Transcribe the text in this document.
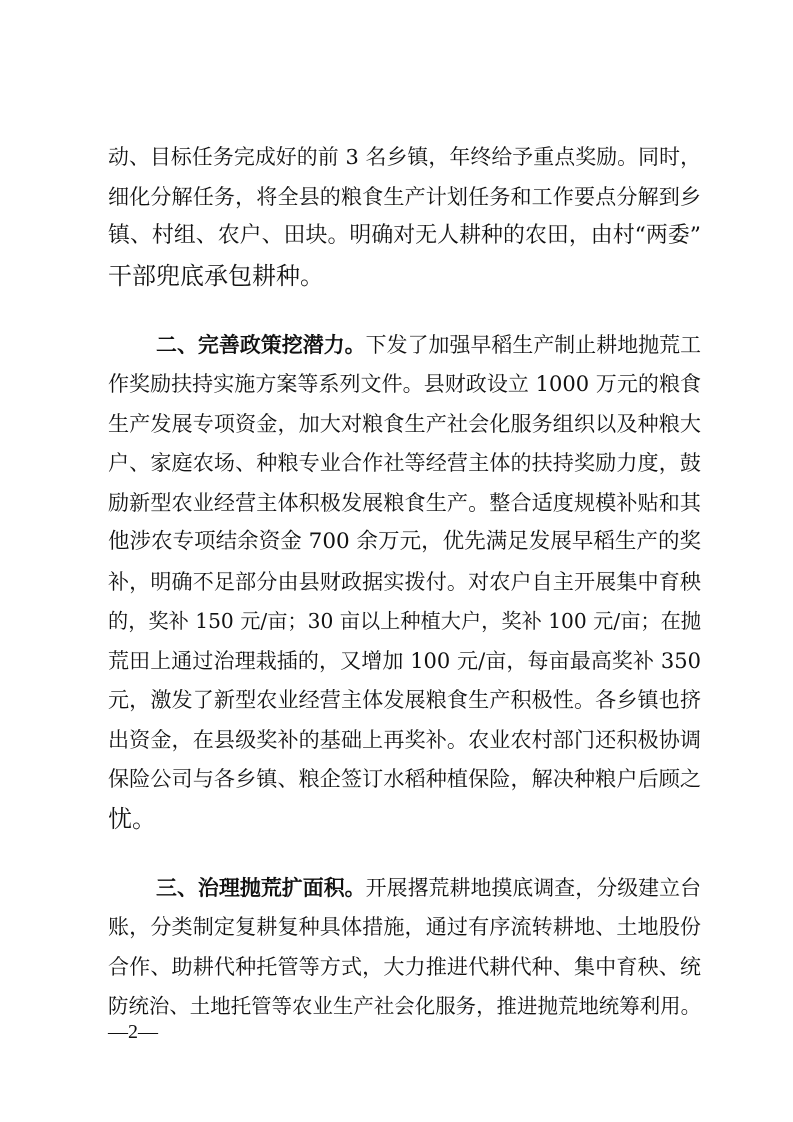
动、目标任务完成好的前 3 名乡镇，年终给予重点奖励。同时，
细化分解任务，将全县的粮食生产计划任务和工作要点分解到乡
镇、村组、农户、田块。明确对无人耕种的农田，由村“两委”
干部兜底承包耕种。
二、完善政策挖潜力。下发了加强早稻生产制止耕地抛荒工
作奖励扶持实施方案等系列文件。县财政设立 1000 万元的粮食
生产发展专项资金，加大对粮食生产社会化服务组织以及种粮大
户、家庭农场、种粮专业合作社等经营主体的扶持奖励力度，鼓
励新型农业经营主体积极发展粮食生产。整合适度规模补贴和其
他涉农专项结余资金 700 余万元，优先满足发展早稻生产的奖
补，明确不足部分由县财政据实拨付。对农户自主开展集中育秧
的，奖补 150 元/亩；30 亩以上种植大户，奖补 100 元/亩；在抛
荒田上通过治理栽插的，又增加 100 元/亩，每亩最高奖补 350
元，激发了新型农业经营主体发展粮食生产积极性。各乡镇也挤
出资金，在县级奖补的基础上再奖补。农业农村部门还积极协调
保险公司与各乡镇、粮企签订水稻种植保险，解决种粮户后顾之
忧。
三、治理抛荒扩面积。开展撂荒耕地摸底调查，分级建立台
账，分类制定复耕复种具体措施，通过有序流转耕地、土地股份
合作、助耕代种托管等方式，大力推进代耕代种、集中育秧、统
防统治、土地托管等农业生产社会化服务，推进抛荒地统筹利用。
—2—
